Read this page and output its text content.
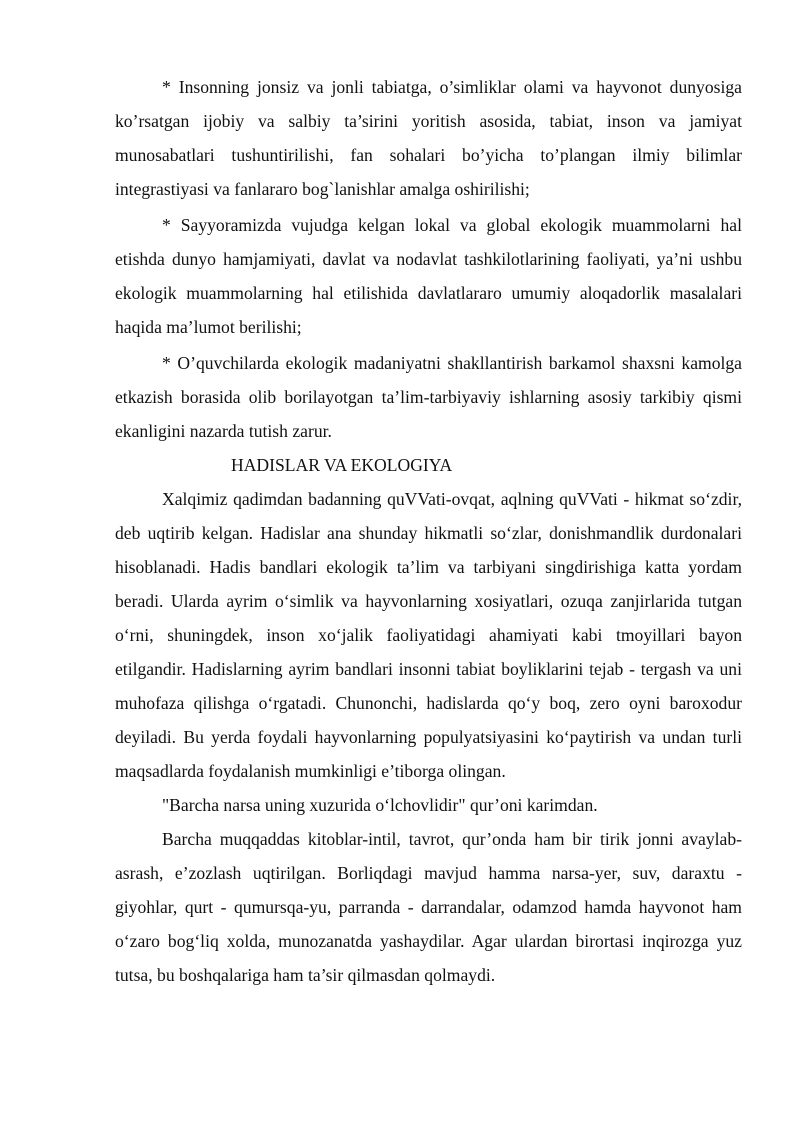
* Insonning jonsiz va jonli tabiatga, o’simliklar olami va hayvonot dunyosiga ko’rsatgan ijobiy va salbiy ta’sirini yoritish asosida, tabiat, inson va jamiyat munosabatlari tushuntirilishi, fan sohalari bo’yicha to’plangan ilmiy bilimlar integrastiyasi va fanlararo bog`lanishlar amalga oshirilishi;

* Sayyoramizda vujudga kelgan lokal va global ekologik muammolarni hal etishda dunyo hamjamiyati, davlat va nodavlat tashkilotlarining faoliyati, ya’ni ushbu ekologik muammolarning hal etilishida davlatlararo umumiy aloqadorlik masalalari haqida ma’lumot berilishi;

* O’quvchilarda ekologik madaniyatni shakllantirish barkamol shaxsni kamolga etkazish borasida olib borilayotgan ta’lim-tarbiyaviy ishlarning asosiy tarkibiy qismi ekanligini nazarda tutish zarur.

HADISLAR VA EKOLOGIYA

Xalqimiz qadimdan badanning quVVati-ovqat, aqlning quVVati - hikmat so‘zdir, deb uqtirib kelgan. Hadislar ana shunday hikmatli so‘zlar, donishmandlik durdonalari hisoblanadi. Hadis bandlari ekologik ta’lim va tarbiyani singdirishiga katta yordam beradi. Ularda ayrim o‘simlik va hayvonlarning xosiyatlari, ozuqa zanjirlarida tutgan o‘rni, shuningdek, inson xo‘jalik faoliyatidagi ahamiyati kabi tmoyillari bayon etilgandir. Hadislarning ayrim bandlari insonni tabiat boyliklarini tejab - tergash va uni muhofaza qilishga o‘rgatadi. Chunonchi, hadislarda qo‘y boq, zero oyni baroxodur deyiladi. Bu yerda foydali hayvonlarning populyatsiyasini ko‘paytirish va undan turli maqsadlarda foydalanish mumkinligi e’tiborga olingan.

"Barcha narsa uning xuzurida o‘lchovlidir" qur’oni karimdan.

Barcha muqqaddas kitoblar-intil, tavrot, qur’onda ham bir tirik jonni avaylab-asrash, e’zozlash uqtirilgan. Borliqdagi mavjud hamma narsa-yer, suv, daraxtu - giyohlar, qurt - qumursqa-yu, parranda - darrandalar, odamzod hamda hayvonot ham o‘zaro bog‘liq xolda, munozanatda yashaydilar. Agar ulardan birortasi inqirozga yuz tutsa, bu boshqalariga ham ta’sir qilmasdan qolmaydi.
